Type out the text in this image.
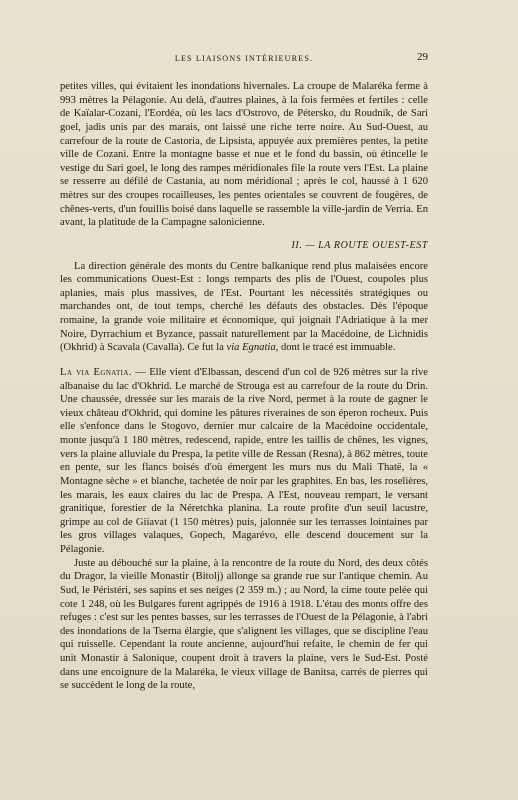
LES LIAISONS INTÉRIEURES.	29

petites villes, qui évitaient les inondations hivernales. La croupe de Malaréka ferme à 993 mètres la Pélagonie. Au delà, d'autres plaines, à la fois fermées et fertiles : celle de Kaïalar-Cozani, l'Eordéa, où les lacs d'Ostrovo, de Pétersko, du Roudnik, de Sari goel, jadis unis par des marais, ont laissé une riche terre noire. Au Sud-Ouest, au carrefour de la route de Castoria, de Lipsista, appuyée aux premières pentes, la petite ville de Cozani. Entre la montagne basse et nue et le fond du bassin, où étincelle le vestige du Sari goel, le long des rampes méridionales file la route vers l'Est. La plaine se resserre au défilé de Castania, au nom méridional ; après le col, haussé à 1 620 mètres sur des croupes rocailleuses, les pentes orientales se couvrent de fougères, de chênes-verts, d'un fouillis boisé dans laquelle se rassemble la ville-jardin de Verria. En avant, la platitude de la Campagne salonicienne.

II. — LA ROUTE OUEST-EST

La direction générale des monts du Centre balkanique rend plus malaisées encore les communications Ouest-Est : longs remparts des plis de l'Ouest, coupoles plus aplanies, mais plus massives, de l'Est. Pourtant les nécessités stratégiques ou marchandes ont, de tout temps, cherché les défauts des obstacles. Dès l'époque romaine, la grande voie militaire et économique, qui joignait l'Adriatique à la mer Noire, Dyrrachium et Byzance, passait naturellement par la Macédoine, de Lichnidis (Okhrid) à Scavala (Cavalla). Ce fut la via Egnatia, dont le tracé est immuable.

La via Egnatia. — Elle vient d'Elbassan, descend d'un col de 926 mètres sur la rive albanaise du lac d'Okhrid. Le marché de Strouga est au carrefour de la route du Drin. Une chaussée, dressée sur les marais de la rive Nord, permet à la route de gagner le vieux château d'Okhrid, qui domine les pâtures riveraines de son éperon rocheux. Puis elle s'enfonce dans le Stogovo, dernier mur calcaire de la Macédoine occidentale, monte jusqu'à 1 180 mètres, redescend, rapide, entre les taillis de chênes, les vignes, vers la plaine alluviale du Prespa, la petite ville de Ressan (Resna), à 862 mètres, toute en pente, sur les flancs boisés d'où émergent les murs nus du Mali Thatë, la « Montagne sèche » et blanche, tachetée de noir par les graphites. En bas, les roselières, les marais, les eaux claires du lac de Prespa. A l'Est, nouveau rempart, le versant granitique, forestier de la Néretchka planina. La route profite d'un seuil lacustre, grimpe au col de Giiavat (1 150 mètres) puis, jalonnée sur les terrasses lointaines par les gros villages valaques, Gopech, Magarévo, elle descend doucement sur la Pélagonie.

Juste au débouché sur la plaine, à la rencontre de la route du Nord, des deux côtés du Dragor, la vieille Monastir (Bitolj) allonge sa grande rue sur l'antique chemin. Au Sud, le Péristéri, ses sapins et ses neiges (2 359 m.) ; au Nord, la cime toute pelée qui cote 1 248, où les Bulgares furent agrippés de 1916 à 1918. L'étau des monts offre des refuges : c'est sur les pentes basses, sur les terrasses de l'Ouest de la Pélagonie, à l'abri des inondations de la Tserna élargie, que s'alignent les villages, que se discipline l'eau qui ruisselle. Cependant la route ancienne, aujourd'hui refaite, le chemin de fer qui unit Monastir à Salonique, coupent droit à travers la plaine, vers le Sud-Est. Posté dans une encoignure de la Malaréka, le vieux village de Banitsa, carrés de pierres qui se succèdent le long de la route,
